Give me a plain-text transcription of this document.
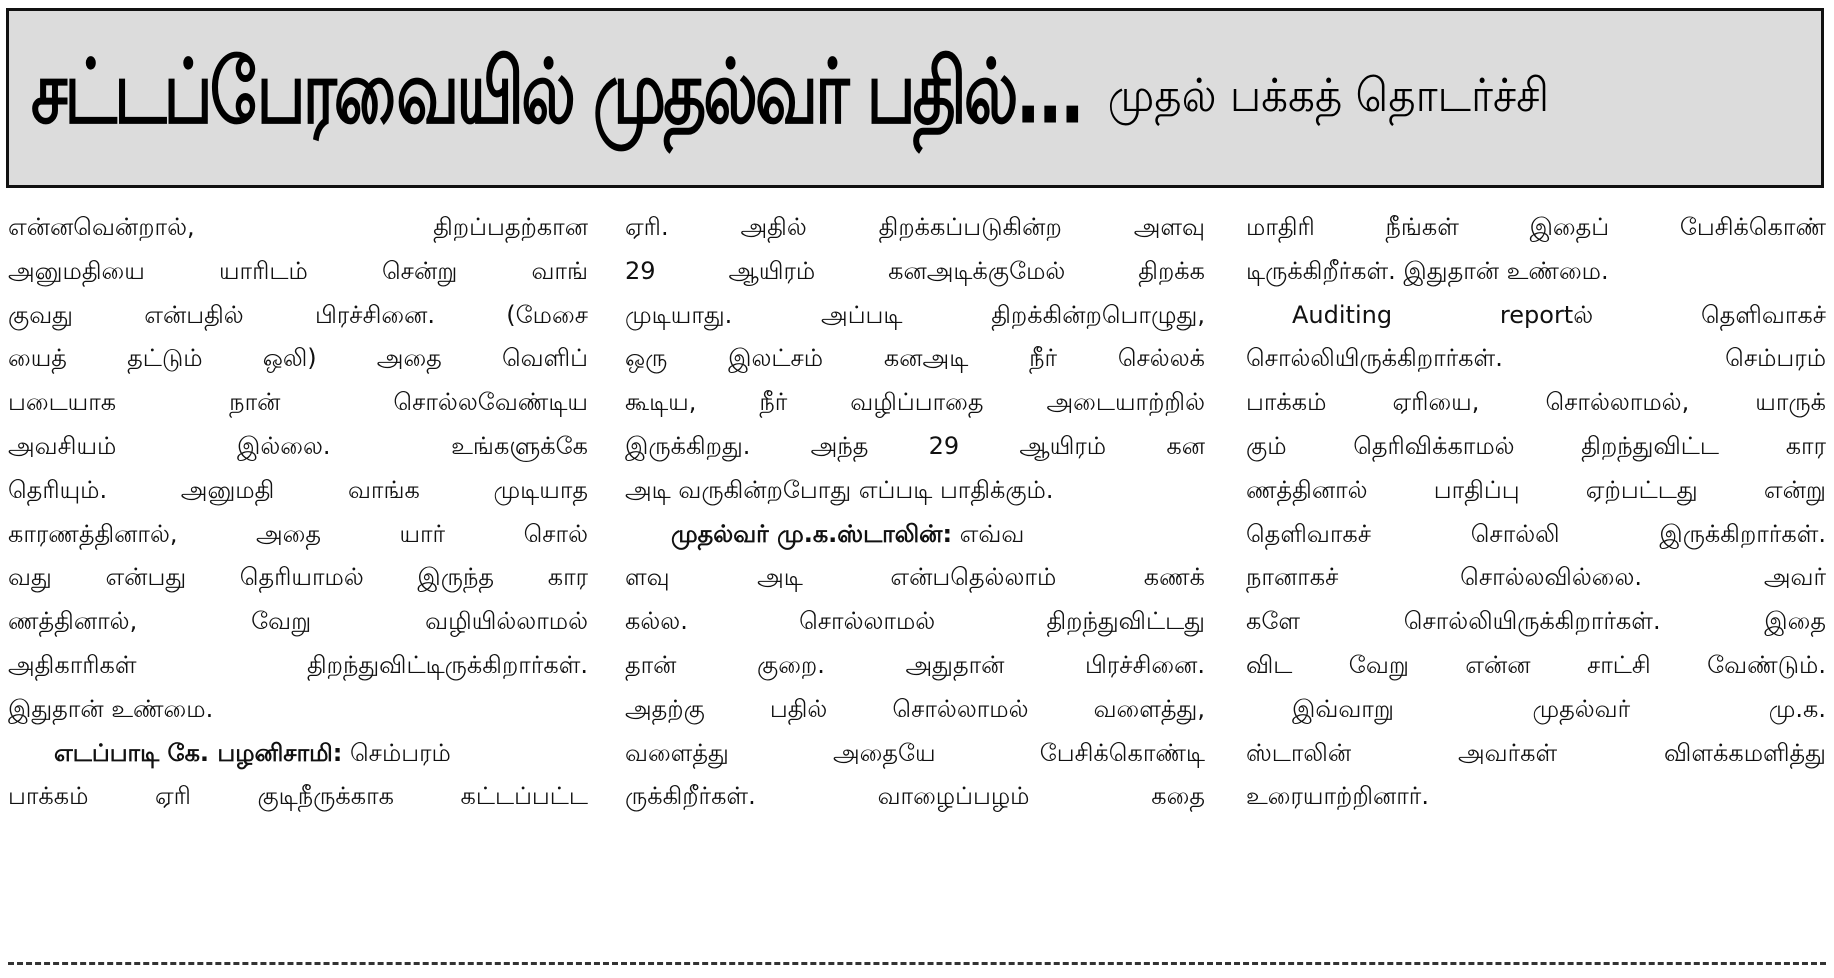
சட்டப்பேரவையில் முதல்வர் பதில்... முதல் பக்கத் தொடர்ச்சி
என்னவென்றால், திறப்பதற்கான
அனுமதியை யாரிடம் சென்று வாங்
குவது என்பதில் பிரச்சினை. (மேசை
யைத் தட்டும் ஒலி) அதை வெளிப்
படையாக நான் சொல்லவேண்டிய
அவசியம் இல்லை. உங்களுக்கே
தெரியும். அனுமதி வாங்க முடியாத
காரணத்தினால், அதை யார் சொல்
வது என்பது தெரியாமல் இருந்த கார
ணத்தினால், வேறு வழியில்லாமல்
அதிகாரிகள் திறந்துவிட்டிருக்கிறார்கள்.
இதுதான் உண்மை.
எடப்பாடி கே. பழனிசாமி: செம்பரம்
பாக்கம் ஏரி குடிநீருக்காக கட்டப்பட்ட
ஏரி. அதில் திறக்கப்படுகின்ற அளவு
29 ஆயிரம் கனஅடிக்குமேல் திறக்க
முடியாது. அப்படி திறக்கின்றபொழுது,
ஒரு இலட்சம் கனஅடி நீர் செல்லக்
கூடிய, நீர் வழிப்பாதை அடையாற்றில்
இருக்கிறது. அந்த 29 ஆயிரம் கன
அடி வருகின்றபோது எப்படி பாதிக்கும்.
முதல்வர் மு.க.ஸ்டாலின்: எவ்வ
ளவு அடி என்பதெல்லாம் கணக்
கல்ல. சொல்லாமல் திறந்துவிட்டது
தான் குறை. அதுதான் பிரச்சினை.
அதற்கு பதில் சொல்லாமல் வளைத்து,
வளைத்து அதையே பேசிக்கொண்டி
ருக்கிறீர்கள். வாழைப்பழம் கதை
மாதிரி நீங்கள் இதைப் பேசிக்கொண்
டிருக்கிறீர்கள். இதுதான் உண்மை.
Auditing reportல் தெளிவாகச்
சொல்லியிருக்கிறார்கள். செம்பரம்
பாக்கம் ஏரியை, சொல்லாமல், யாருக்
கும் தெரிவிக்காமல் திறந்துவிட்ட கார
ணத்தினால் பாதிப்பு ஏற்பட்டது என்று
தெளிவாகச் சொல்லி இருக்கிறார்கள்.
நானாகச் சொல்லவில்லை. அவர்
களே சொல்லியிருக்கிறார்கள். இதை
விட வேறு என்ன சாட்சி வேண்டும்.
இவ்வாறு முதல்வர் மு.க.
ஸ்டாலின் அவர்கள் விளக்கமளித்து
உரையாற்றினார்.
